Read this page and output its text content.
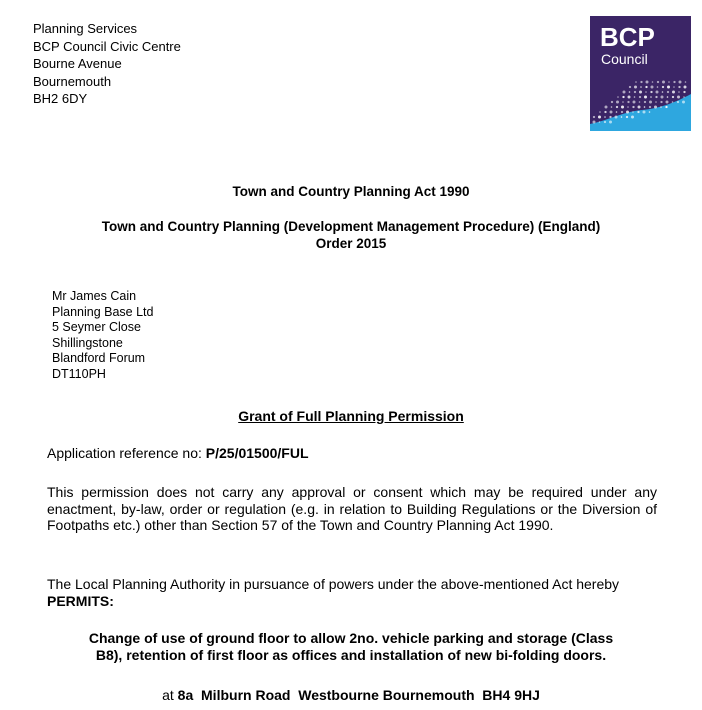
Planning Services
BCP Council Civic Centre
Bourne Avenue
Bournemouth
BH2 6DY
BCP
Council
Town and Country Planning Act 1990
Town and Country Planning (Development Management Procedure) (England)
Order 2015
Mr James Cain
Planning Base Ltd
5 Seymer Close
Shillingstone
Blandford Forum
DT110PH
Grant of Full Planning Permission
Application reference no: P/25/01500/FUL
This permission does not carry any approval or consent which may be required under any enactment, by-law, order or regulation (e.g. in relation to Building Regulations or the Diversion of Footpaths etc.) other than Section 57 of the Town and Country Planning Act 1990.
The Local Planning Authority in pursuance of powers under the above-mentioned Act hereby PERMITS:
Change of use of ground floor to allow 2no. vehicle parking and storage (Class
B8), retention of first floor as offices and installation of new bi-folding doors.
at 8a  Milburn Road  Westbourne Bournemouth  BH4 9HJ
